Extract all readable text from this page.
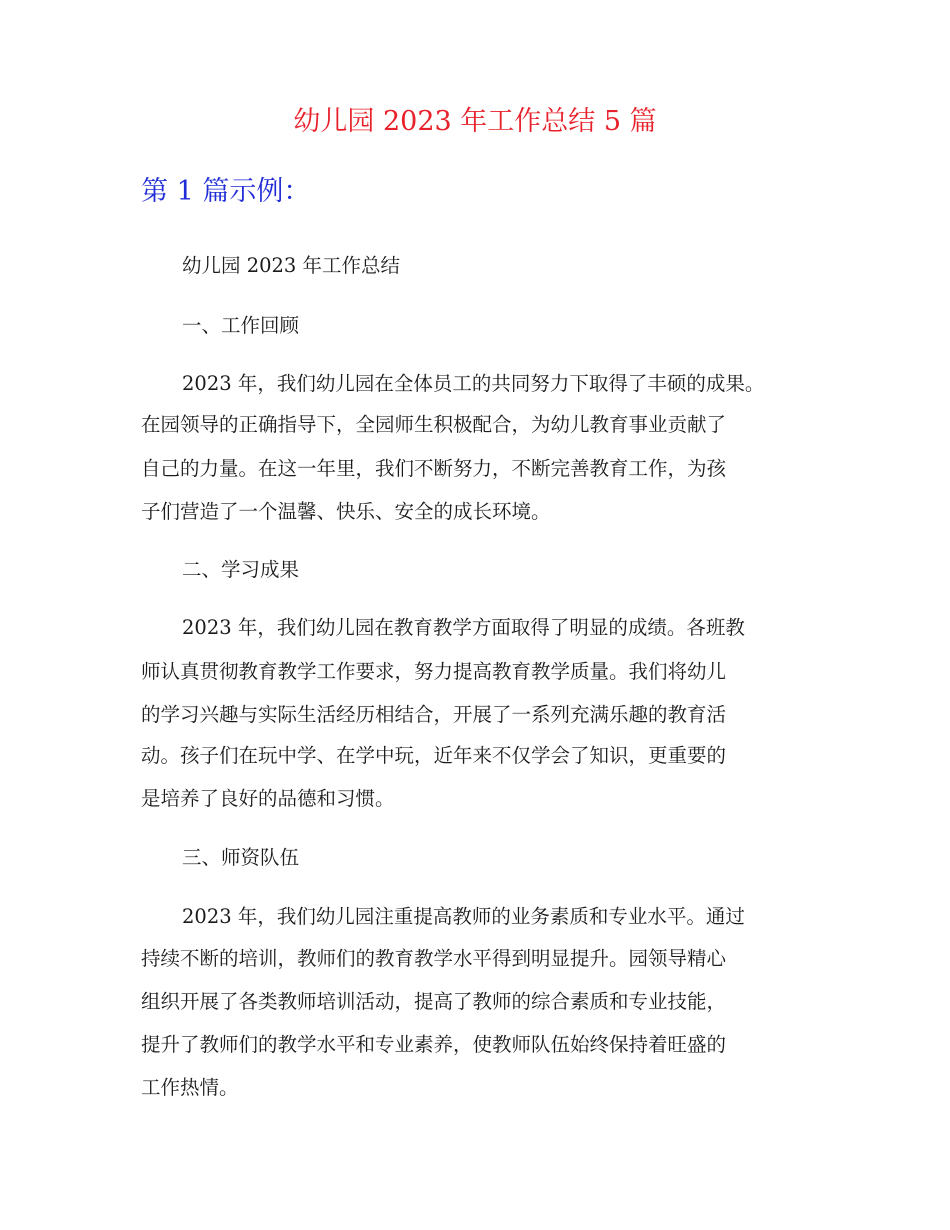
幼儿园 2023 年工作总结 5 篇
第 1 篇示例：
幼儿园 2023 年工作总结
一、工作回顾
2023 年，我们幼儿园在全体员工的共同努力下取得了丰硕的成果。
在园领导的正确指导下，全园师生积极配合，为幼儿教育事业贡献了
自己的力量。在这一年里，我们不断努力，不断完善教育工作，为孩
子们营造了一个温馨、快乐、安全的成长环境。
二、学习成果
2023 年，我们幼儿园在教育教学方面取得了明显的成绩。各班教
师认真贯彻教育教学工作要求，努力提高教育教学质量。我们将幼儿
的学习兴趣与实际生活经历相结合，开展了一系列充满乐趣的教育活
动。孩子们在玩中学、在学中玩，近年来不仅学会了知识，更重要的
是培养了良好的品德和习惯。
三、师资队伍
2023 年，我们幼儿园注重提高教师的业务素质和专业水平。通过
持续不断的培训，教师们的教育教学水平得到明显提升。园领导精心
组织开展了各类教师培训活动，提高了教师的综合素质和专业技能，
提升了教师们的教学水平和专业素养，使教师队伍始终保持着旺盛的
工作热情。
